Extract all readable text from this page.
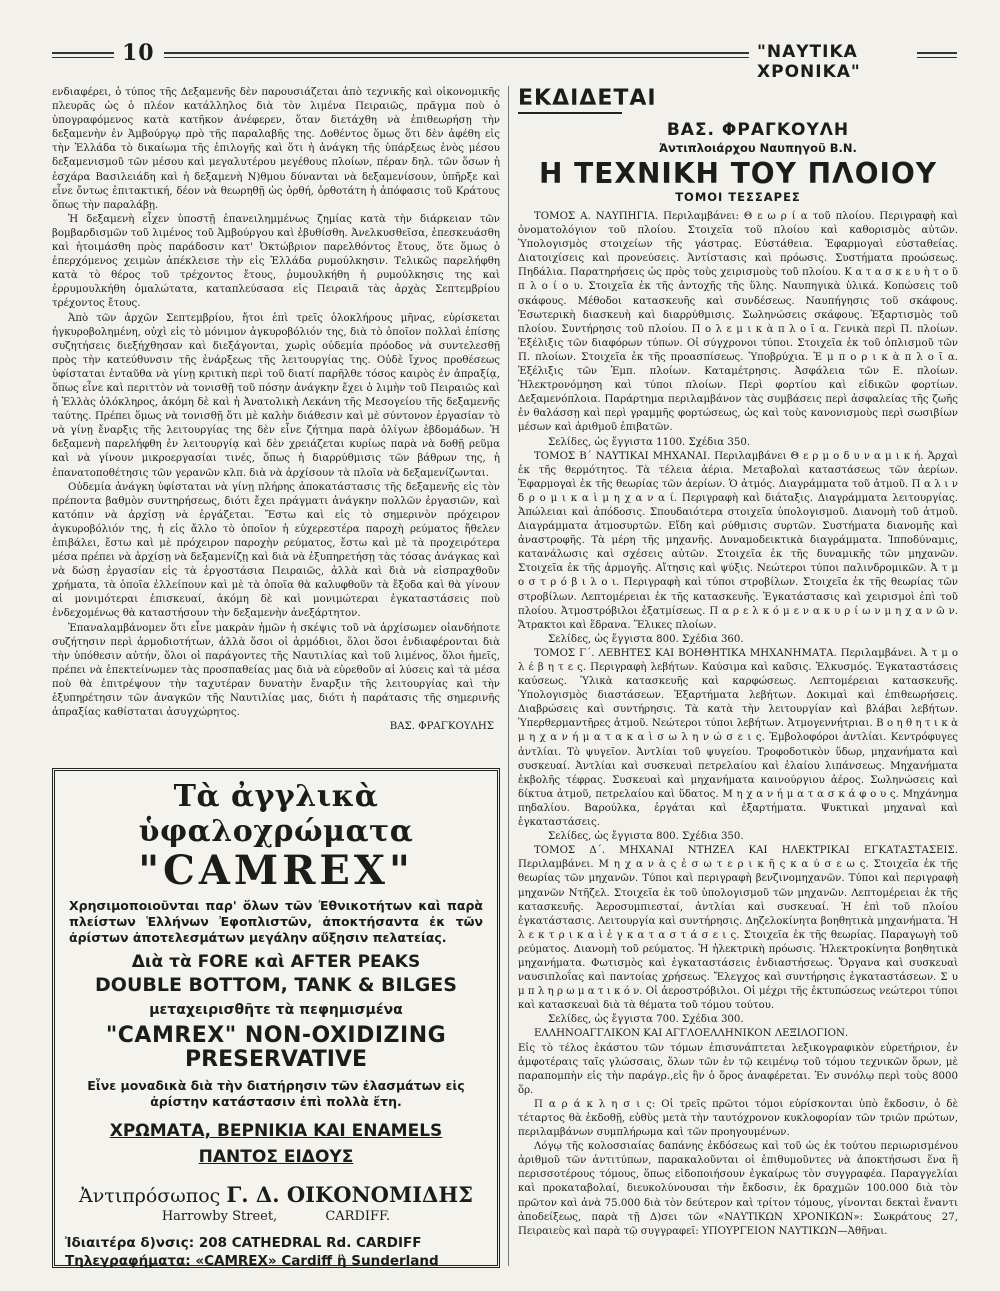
10	"ΝΑΥΤΙΚΑ ΧΡΟΝΙΚΑ"

ενδιαφέρει, ὁ τύπος τῆς Δεξαμενῆς δὲν παρουσιάζεται ἀπὸ τεχνικῆς καὶ οἰκονομικῆς πλευρᾶς ὡς ὁ πλέον κατάλληλος διὰ τὸν λιμένα Πειραιῶς, πρᾶγμα ποὺ ὁ ὑπογραφόμενος κατὰ κατῆκον ἀνέφερεν, ὅταν διετάχθη νὰ ἐπιθεωρήσῃ τὴν δεξαμενὴν ἐν Ἀμβούργῳ πρὸ τῆς παραλαβῆς της. Δοθέντος ὅμως ὅτι δὲν ἀφέθη εἰς τὴν Ἑλλάδα τὸ δικαίωμα τῆς ἐπιλογῆς καὶ ὅτι ἡ ἀνάγκη τῆς ὑπάρξεως ἑνὸς μέσου δεξαμενισμοῦ τῶν μέσου καὶ μεγαλυτέρου μεγέθους πλοίων, πέραν δηλ. τῶν ὅσων ἡ ἐσχάρα Βασιλειάδη καὶ ἡ δεξαμενὴ Ν)θμου δύνανται νὰ δεξαμενίσουν, ὑπῆρξε καὶ εἶνε ὄντως ἐπιτακτική, δέον νὰ θεωρηθῇ ὡς ὀρθή, ὀρθοτάτη ἡ ἀπόφασις τοῦ Κράτους ὅπως τὴν παραλάβῃ.

Ἡ δεξαμενὴ εἶχεν ὑποστῇ ἐπανειλημμένως ζημίας κατὰ τὴν διάρκειαν τῶν βομβαρδισμῶν τοῦ λιμένος τοῦ Ἀμβούργου καὶ ἐβυθίσθη. Ἀνελκυσθεῖσα, ἐπεσκευάσθη καὶ ἡτοιμάσθη πρὸς παράδοσιν κατ' Ὀκτώβριον παρελθόντος ἔτους, ὅτε ὅμως ὁ ἐπερχόμενος χειμὼν ἀπέκλεισε τὴν εἰς Ἑλλάδα ρυμούλκησιν. Τελικῶς παρελήφθη κατὰ τὸ θέρος τοῦ τρέχοντος ἔτους, ῥυμουλκήθη ἡ ρυμούλκησις της καὶ ἐρρυμουλκήθη ὁμαλώτατα, καταπλεύσασα εἰς Πειραιᾶ τὰς ἀρχὰς Σεπτεμβρίου τρέχοντος ἔτους.

Ἀπὸ τῶν ἀρχῶν Σεπτεμβρίου, ἤτοι ἐπὶ τρεῖς ὁλοκλήρους μῆνας, εὑρίσκεται ἠγκυροβολημένη, οὐχὶ εἰς τὸ μόνιμον ἀγκυροβόλιόν της, διὰ τὸ ὁποῖον πολλαὶ ἐπίσης συζητήσεις διεξήχθησαν καὶ διεξάγονται, χωρὶς οὐδεμία πρόοδος νὰ συντελεσθῇ πρὸς τὴν κατεύθυνσιν τῆς ἐνάρξεως τῆς λειτουργίας της. Οὐδὲ ἴχνος προθέσεως ὑφίσταται ἐνταῦθα νὰ γίνῃ κριτικὴ περὶ τοῦ διατί παρῆλθε τόσος καιρὸς ἐν ἀπραξίᾳ, ὅπως εἶνε καὶ περιττὸν νὰ τονισθῇ τοῦ πόσην ἀνάγκην ἔχει ὁ λιμὴν τοῦ Πειραιῶς καὶ ἡ Ἑλλὰς ὁλόκληρος, ἀκόμη δὲ καὶ ἡ Ἀνατολικὴ Λεκάνη τῆς Μεσογείου τῆς δεξαμενῆς ταύτης. Πρέπει ὅμως νὰ τονισθῇ ὅτι μὲ καλὴν διάθεσιν καὶ μὲ σύντονον ἐργασίαν τὸ νὰ γίνῃ ἔναρξις τῆς λειτουργίας της δὲν εἶνε ζήτημα παρὰ ὀλίγων ἑβδομάδων. Ἡ δεξαμενὴ παρελήφθη ἐν λειτουργίᾳ καὶ δὲν χρειάζεται κυρίως παρὰ νὰ δοθῇ ρεῦμα καὶ νὰ γίνουν μικροεργασίαι τινές, ὅπως ἡ διαρρύθμισις τῶν βάθρων της, ἡ ἐπανατοποθέτησις τῶν γερανῶν κλπ. διὰ νὰ ἀρχίσουν τὰ πλοῖα νὰ δεξαμενίζωνται.

Οὐδεμία ἀνάγκη ὑφίσταται νὰ γίνῃ πλήρης ἀποκατάστασις τῆς δεξαμενῆς εἰς τὸν πρέποντα βαθμὸν συντηρήσεως, διότι ἔχει πράγματι ἀνάγκην πολλῶν ἐργασιῶν, καὶ κατόπιν νὰ ἀρχίσῃ νὰ ἐργάζεται. Ἔστω καὶ εἰς τὸ σημερινὸν πρόχειρον ἀγκυροβόλιόν της, ἡ εἰς ἄλλο τὸ ὁποῖον ἡ εὐχερεστέρα παροχὴ ρεύματος ἤθελεν ἐπιβάλει, ἔστω καὶ μὲ πρόχειρον παροχὴν ρεύματος, ἔστω καὶ μὲ τὰ προχειρότερα μέσα πρέπει νὰ ἀρχίσῃ νὰ δεξαμενίζῃ καὶ διὰ νὰ ἐξυπηρετήσῃ τὰς τόσας ἀνάγκας καὶ νὰ δώσῃ ἐργασίαν εἰς τὰ ἐργοστάσια Πειραιῶς, ἀλλὰ καὶ διὰ νὰ εἰσπραχθοῦν χρήματα, τὰ ὁποῖα ἐλλείπουν καὶ μὲ τὰ ὁποῖα θὰ καλυφθοῦν τὰ ἔξοδα καὶ θὰ γίνουν αἱ μονιμότεραι ἐπισκευαί, ἀκόμη δὲ καὶ μονιμώτεραι ἐγκαταστάσεις ποὺ ἐνδεχομένως θὰ καταστήσουν τὴν δεξαμενὴν ἀνεξάρτητον.

Ἐπαναλαμβάνομεν ὅτι εἶνε μακρὰν ἡμῶν ἡ σκέψις τοῦ νὰ ἀρχίσωμεν οἱανδήποτε συζήτησιν περὶ ἁρμοδιοτήτων, ἀλλὰ ὅσοι οἱ ἁρμόδιοι, ὅλοι ὅσοι ἐνδιαφέρονται διὰ τὴν ὑπόθεσιν αὐτήν, ὅλοι οἱ παράγοντες τῆς Ναυτιλίας καὶ τοῦ λιμένος, ὅλοι ἡμεῖς, πρέπει νὰ ἐπεκτείνωμεν τὰς προσπαθείας μας διὰ νὰ εὑρεθοῦν αἱ λύσεις καὶ τὰ μέσα ποὺ θὰ ἐπιτρέψουν τὴν ταχυτέραν δυνατὴν ἔναρξιν τῆς λειτουργίας καὶ τὴν ἐξυπηρέτησιν τῶν ἀναγκῶν τῆς Ναυτιλίας μας, διότι ἡ παράτασις τῆς σημερινῆς ἀπραξίας καθίσταται ἀσυγχώρητος.

ΒΑΣ. ΦΡΑΓΚΟΥΛΗΣ

Τὰ ἀγγλικὰ ὑφαλοχρώματα
"CAMREX"
Χρησιμοποιοῦνται παρ' ὅλων τῶν Ἐθνικοτήτων καὶ παρὰ πλείστων Ἑλλήνων Ἐφοπλιστῶν, ἀποκτήσαντα ἐκ τῶν ἀρίστων ἀποτελεσμάτων μεγάλην αὔξησιν πελατείας.
Διὰ τὰ FORE καὶ AFTER PEAKS
DOUBLE BOTTOM, TANK & BILGES
μεταχειρισθῆτε τὰ πεφημισμένα
"CAMREX" NON-OXIDIZING
PRESERVATIVE
Εἶνε μοναδικὰ διὰ τὴν διατήρησιν τῶν ἐλασμάτων εἰς ἀρίστην κατάστασιν ἐπὶ πολλὰ ἔτη.
ΧΡΩΜΑΤΑ, ΒΕΡΝΙΚΙΑ ΚΑΙ ENAMELS
ΠΑΝΤΟΣ ΕΙΔΟΥΣ
Ἀντιπρόσωπος Γ. Δ. ΟΙΚΟΝΟΜΙΔΗΣ
Harrowby Street,	CARDIFF.
Ἰδιαιτέρα δ)νσις: 208 CATHEDRAL Rd. CARDIFF
Τηλεγραφήματα: «CAMREX» Cardiff ἢ Sunderland
ΕΚΔΙΔΕΤΑΙ
ΒΑΣ. ΦΡΑΓΚΟΥΛΗ
Ἀντιπλοιάρχου Ναυπηγοῦ Β.Ν.
Η ΤΕΧΝΙΚΗ ΤΟΥ ΠΛΟΙΟΥ
ΤΟΜΟΙ ΤΕΣΣΑΡΕΣ

ΤΟΜΟΣ Α. ΝΑΥΠΗΓΙΑ. Περιλαμβάνει: Θ ε ω ρ ί α τοῦ πλοίου. Περιγραφὴ καὶ ὀνοματολόγιον τοῦ πλοίου. Στοιχεῖα τοῦ πλοίου καὶ καθορισμὸς αὐτῶν. Ὑπολογισμὸς στοιχείων τῆς γάστρας. Εὐστάθεια. Ἐφαρμογαὶ εὐσταθείας. Διατοιχίσεις καὶ προνεύσεις. Ἀντίστασις καὶ πρόωσις. Συστήματα προώσεως. Πηδάλια. Παρατηρήσεις ὡς πρὸς τοὺς χειρισμοὺς τοῦ πλοίου. Κ α τ α σ κ ε υ ὴ τ ο ῦ π λ ο ί ο υ. Στοιχεῖα ἐκ τῆς ἀντοχῆς τῆς ὕλης. Ναυπηγικὰ ὑλικά. Κοπώσεις τοῦ σκάφους. Μέθοδοι κατασκευῆς καὶ συνδέσεως. Ναυπήγησις τοῦ σκάφους. Ἐσωτερικὴ διασκευὴ καὶ διαρρύθμισις. Σωληνώσεις σκάφους. Ἐξαρτισμὸς τοῦ πλοίου. Συντήρησις τοῦ πλοίου. Π ο λ ε μ ι κ ὰ π λ ο ῖ α. Γενικὰ περὶ Π. πλοίων. Ἐξέλιξις τῶν διαφόρων τύπων. Οἱ σύγχρονοι τύποι. Στοιχεῖα ἐκ τοῦ ὁπλισμοῦ τῶν Π. πλοίων. Στοιχεῖα ἐκ τῆς προασπίσεως. Ὑποβρύχια. Ἐ μ π ο ρ ι κ ὰ π λ ο ῖ α. Ἐξέλιξις τῶν Ἐμπ. πλοίων. Καταμέτρησις. Ἀσφάλεια τῶν Ε. πλοίων. Ἠλεκτρονόμηση καὶ τύποι πλοίων. Περὶ φορτίου καὶ εἰδικῶν φορτίων. Δεξαμενόπλοια. Παράρτημα περιλαμβάνον τὰς συμβάσεις περὶ ἀσφαλείας τῆς ζωῆς ἐν θαλάσσῃ καὶ περὶ γραμμῆς φορτώσεως, ὡς καὶ τοὺς κανονισμοὺς περὶ σωσιβίων μέσων καὶ ἀριθμοῦ ἐπιβατῶν.

Σελίδες, ὡς ἔγγιστα 1100. Σχέδια 350.

ΤΟΜΟΣ Β΄ ΝΑΥΤΙΚΑΙ ΜΗΧΑΝΑΙ. Περιλαμβάνει Θ ε ρ μ ο δ υ ν α μ ι κ ή. Ἀρχαὶ ἐκ τῆς θερμότητος. Τὰ τέλεια ἀέρια. Μεταβολαὶ καταστάσεως τῶν ἀερίων. Ἐφαρμογαὶ ἐκ τῆς θεωρίας τῶν ἀερίων. Ὁ ἀτμός. Διαγράμματα τοῦ ἀτμοῦ. Π α λ ι ν δ ρ ο μ ι κ α ὶ μ η χ α ν α ί. Περιγραφὴ καὶ διάταξις. Διαγράμματα λειτουργίας. Ἀπώλειαι καὶ ἀπόδοσις. Σπουδαιότερα στοιχεῖα ὑπολογισμοῦ. Διανομὴ τοῦ ἀτμοῦ. Διαγράμματα ἀτμοσυρτῶν. Εἴδη καὶ ρύθμισις συρτῶν. Συστήματα διανομῆς καὶ ἀναστροφῆς. Τὰ μέρη τῆς μηχανῆς. Δυναμοδεικτικὰ διαγράμματα. Ἱπποδύναμις, κατανάλωσις καὶ σχέσεις αὐτῶν. Στοιχεῖα ἐκ τῆς δυναμικῆς τῶν μηχανῶν. Στοιχεῖα ἐκ τῆς ἁρμογῆς. Αἴτησις καὶ ψύξις. Νεώτεροι τύποι παλινδρομικῶν. Ἀ τ μ ο σ τ ρ ό β ι λ ο ι. Περιγραφὴ καὶ τύποι στροβίλων. Στοιχεῖα ἐκ τῆς θεωρίας τῶν στροβίλων. Λεπτομέρειαι ἐκ τῆς κατασκευῆς. Ἐγκατάστασις καὶ χειρισμοὶ ἐπὶ τοῦ πλοίου. Ἀτμοστρόβιλοι ἐξατμίσεως. Π α ρ ε λ κ ό μ ε ν α κ υ ρ ί ω ν μ η χ α ν ῶ ν. Ἄτρακτοι καὶ ἕδρανα. Ἕλικες πλοίων.

Σελίδες, ὡς ἔγγιστα 800. Σχέδια 360.

ΤΟΜΟΣ Γ΄. ΛΕΒΗΤΕΣ ΚΑΙ ΒΟΗΘΗΤΙΚΑ ΜΗΧΑΝΗΜΑΤΑ. Περιλαμβάνει. Ἀ τ μ ο λ έ β η τ ε ς. Περιγραφὴ λεβήτων. Καύσιμα καὶ καῦσις. Ἑλκυσμός. Ἐγκαταστάσεις καύσεως. Ὑλικὰ κατασκευῆς καὶ καρφώσεως. Λεπτομέρειαι κατασκευῆς. Ὑπολογισμὸς διαστάσεων. Ἐξαρτήματα λεβήτων. Δοκιμαὶ καὶ ἐπιθεωρήσεις. Διαβρώσεις καὶ συντήρησις. Τὰ κατὰ τὴν λειτουργίαν καὶ βλάβαι λεβήτων. Ὑπερθερμαντῆρες ἀτμοῦ. Νεώτεροι τύποι λεβήτων. Ἀτμογεννήτριαι. Β ο η θ η τ ι κ ὰ μ η χ α ν ή μ α τ α κ α ὶ σ ω λ η ν ώ σ ε ι ς. Ἐμβολοφόροι ἀντλίαι. Κεντρόφυγες ἀντλίαι. Τὸ ψυγεῖον. Ἀντλίαι τοῦ ψυγείου. Τροφοδοτικὸν ὕδωρ, μηχανήματα καὶ συσκευαί. Ἀντλίαι καὶ συσκευαὶ πετρελαίου καὶ ἐλαίου λιπάνσεως. Μηχανήματα ἐκβολῆς τέφρας. Συσκευαὶ καὶ μηχανήματα καινούργιου ἀέρος. Σωληνώσεις καὶ δίκτυα ἀτμοῦ, πετρελαίου καὶ ὕδατος. Μ η χ α ν ή μ α τ α σ κ ά φ ο υ ς. Μηχάνημα πηδαλίου. Βαρούλκα, ἐργάται καὶ ἐξαρτήματα. Ψυκτικαὶ μηχαναὶ καὶ ἐγκαταστάσεις.

Σελίδες, ὡς ἔγγιστα 800. Σχέδια 350.

ΤΟΜΟΣ Δ΄. ΜΗΧΑΝΑΙ ΝΤΗΖΕΛ ΚΑΙ ΗΛΕΚΤΡΙΚΑΙ ΕΓΚΑΤΑΣΤΑΣΕΙΣ. Περιλαμβάνει. Μ η χ α ν ὰ ς ἐ σ ω τ ε ρ ι κ ῆ ς κ α ύ σ ε ω ς. Στοιχεῖα ἐκ τῆς θεωρίας τῶν μηχανῶν. Τύποι καὶ περιγραφὴ βενζινομηχανῶν. Τύποι καὶ περιγραφὴ μηχανῶν Ντῆζελ. Στοιχεῖα ἐκ τοῦ ὑπολογισμοῦ τῶν μηχανῶν. Λεπτομέρειαι ἐκ τῆς κατασκευῆς. Ἀεροσυμπιεσταί, ἀντλίαι καὶ συσκευαί. Ἡ ἐπὶ τοῦ πλοίου ἐγκατάστασις. Λειτουργία καὶ συντήρησις. Δηζελοκίνητα βοηθητικὰ μηχανήματα. Ἠ λ ε κ τ ρ ι κ α ὶ ἐ γ κ α τ α σ τ ά σ ε ι ς. Στοιχεῖα ἐκ τῆς θεωρίας. Παραγωγὴ τοῦ ρεύματος. Διανομὴ τοῦ ρεύματος. Ἡ ἠλεκτρικὴ πρόωσις. Ἠλεκτροκίνητα βοηθητικὰ μηχανήματα. Φωτισμὸς καὶ ἐγκαταστάσεις ἐνδιαστήσεως. Ὄργανα καὶ συσκευαὶ ναυσιπλοΐας καὶ παντοίας χρήσεως. Ἔλεγχος καὶ συντήρησις ἐγκαταστάσεων. Σ υ μ π λ η ρ ω μ α τ ι κ ό ν. Οἱ ἀεροστρόβιλοι. Οἱ μέχρι τῆς ἐκτυπώσεως νεώτεροι τύποι καὶ κατασκευαὶ διὰ τὰ θέματα τοῦ τόμου τούτου.

Σελίδες, ὡς ἔγγιστα 700. Σχέδια 300.

ΕΛΛΗΝΟΑΓΓΛΙΚΟΝ ΚΑΙ ΑΓΓΛΟΕΛΛΗΝΙΚΟΝ ΛΕΞΙΛΟΓΙΟΝ.

Εἰς τὸ τέλος ἑκάστου τῶν τόμων ἐπισυνάπτεται λεξικογραφικὸν εὑρετήριον, ἐν ἀμφοτέραις ταῖς γλώσσαις, ὅλων τῶν ἐν τῷ κειμένῳ τοῦ τόμου τεχνικῶν ὅρων, μὲ παραπομπὴν εἰς τὴν παράγρ.,εἰς ἣν ὁ ὅρος ἀναφέρεται. Ἐν συνόλῳ περὶ τοὺς 8000 ὅρ.

Π α ρ ά κ λ η σ ι ς: Οἱ τρεῖς πρῶτοι τόμοι εὑρίσκονται ὑπὸ ἔκδοσιν, ὁ δὲ τέταρτος θὰ ἐκδοθῇ, εὐθὺς μετὰ τὴν ταυτόχρονον κυκλοφορίαν τῶν τριῶν πρώτων, περιλαμβάνων συμπλήρωμα καὶ τῶν προηγουμένων.

Λόγῳ τῆς κολοσσιαίας δαπάνης ἐκδόσεως καὶ τοῦ ὡς ἐκ τούτου περιωρισμένου ἀριθμοῦ τῶν ἀντιτύπων, παρακαλοῦνται οἱ ἐπιθυμοῦντες νὰ ἀποκτήσωσι ἕνα ἢ περισσοτέρους τόμους, ὅπως εἰδοποιήσουν ἐγκαίρως τὸν συγγραφέα. Παραγγελίαι καὶ προκαταβολαί, διευκολύνουσαι τὴν ἔκδοσιν, ἐκ δραχμῶν 100.000 διὰ τὸν πρῶτον καὶ ἀνὰ 75.000 διὰ τὸν δεύτερον καὶ τρίτον τόμους, γίνονται δεκταὶ ἔναντι ἀποδείξεως, παρὰ τῇ Δ)σει τῶν «ΝΑΥΤΙΚΩΝ ΧΡΟΝΙΚΩΝ»: Σωκράτους 27, Πειραιεὺς καὶ παρὰ τῷ συγγραφεῖ: ΥΠΟΥΡΓΕΙΟΝ ΝΑΥΤΙΚΩΝ—Ἀθῆναι.
